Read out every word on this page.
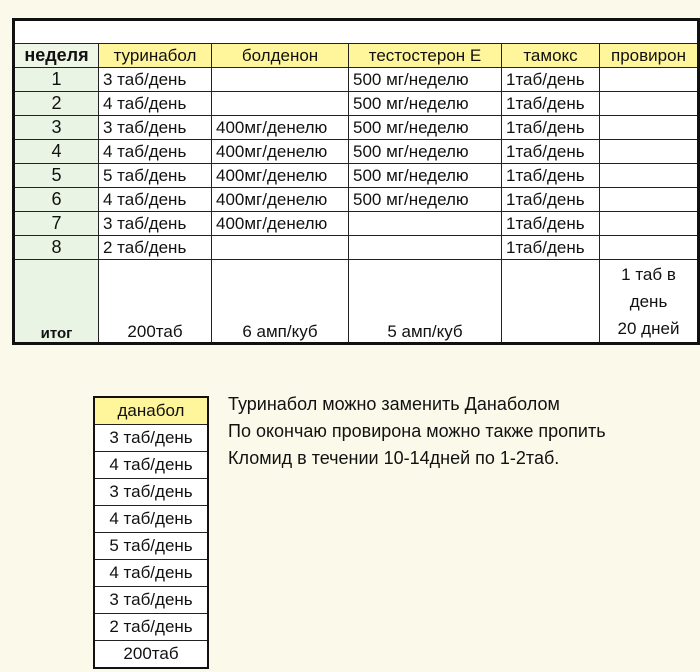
неделя	туринабол	болденон	тестостерон Е	тамокс	провирон
1	3 таб/день		500 мг/неделю	1таб/день	
2	4 таб/день		500 мг/неделю	1таб/день	
3	3 таб/день	400мг/денелю	500 мг/неделю	1таб/день	
4	4 таб/день	400мг/денелю	500 мг/неделю	1таб/день	
5	5 таб/день	400мг/денелю	500 мг/неделю	1таб/день	
6	4 таб/день	400мг/денелю	500 мг/неделю	1таб/день	
7	3 таб/день	400мг/денелю		1таб/день	
8	2 таб/день			1таб/день	
итог	200таб	6 амп/куб	5 амп/куб		1 таб в
день
20 дней
данабол
3 таб/день
4 таб/день
3 таб/день
4 таб/день
5 таб/день
4 таб/день
3 таб/день
2 таб/день
200таб
Туринабол можно заменить Данаболом
По окончаю провирона можно также пропить
Кломид в течении 10-14дней по 1-2таб.
